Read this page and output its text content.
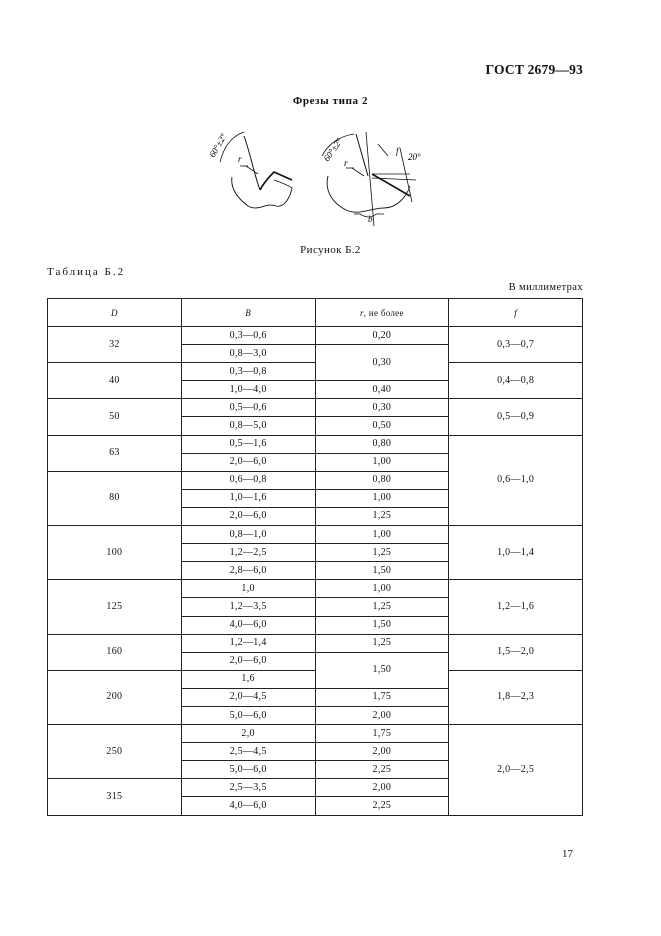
ГОСТ 2679—93
Фрезы типа 2
60°±2° r	60°±2° r
f
20°
b
Рисунок Б.2
Таблица Б.2
В миллиметрах
D	B	r, не более	f
32	0,3—0,6	0,20	0,3—0,7
	0,8—3,0	0,30	
40	0,3—0,8		0,4—0,8
	1,0—4,0	0,40	
50	0,5—0,6	0,30	0,5—0,9
	0,8—5,0	0,50	
63	0,5—1,6	0,80	0,6—1,0
	2,0—6,0	1,00	
80	0,6—0,8	0,80	
	1,0—1,6	1,00	
	2,0—6,0	1,25	
100	0,8—1,0	1,00	1,0—1,4
	1,2—2,5	1,25	
	2,8—6,0	1,50	
125	1,0	1,00	1,2—1,6
	1,2—3,5	1,25	
	4,0—6,0	1,50	
160	1,2—1,4	1,25	1,5—2,0
	2,0—6,0	1,50	
200	1,6		1,8—2,3
	2,0—4,5	1,75	
	5,0—6,0	2,00	
250	2,0	1,75	2,0—2,5
	2,5—4,5	2,00	
	5,0—6,0	2,25	
315	2,5—3,5	2,00	
	4,0—6,0	2,25	
17
